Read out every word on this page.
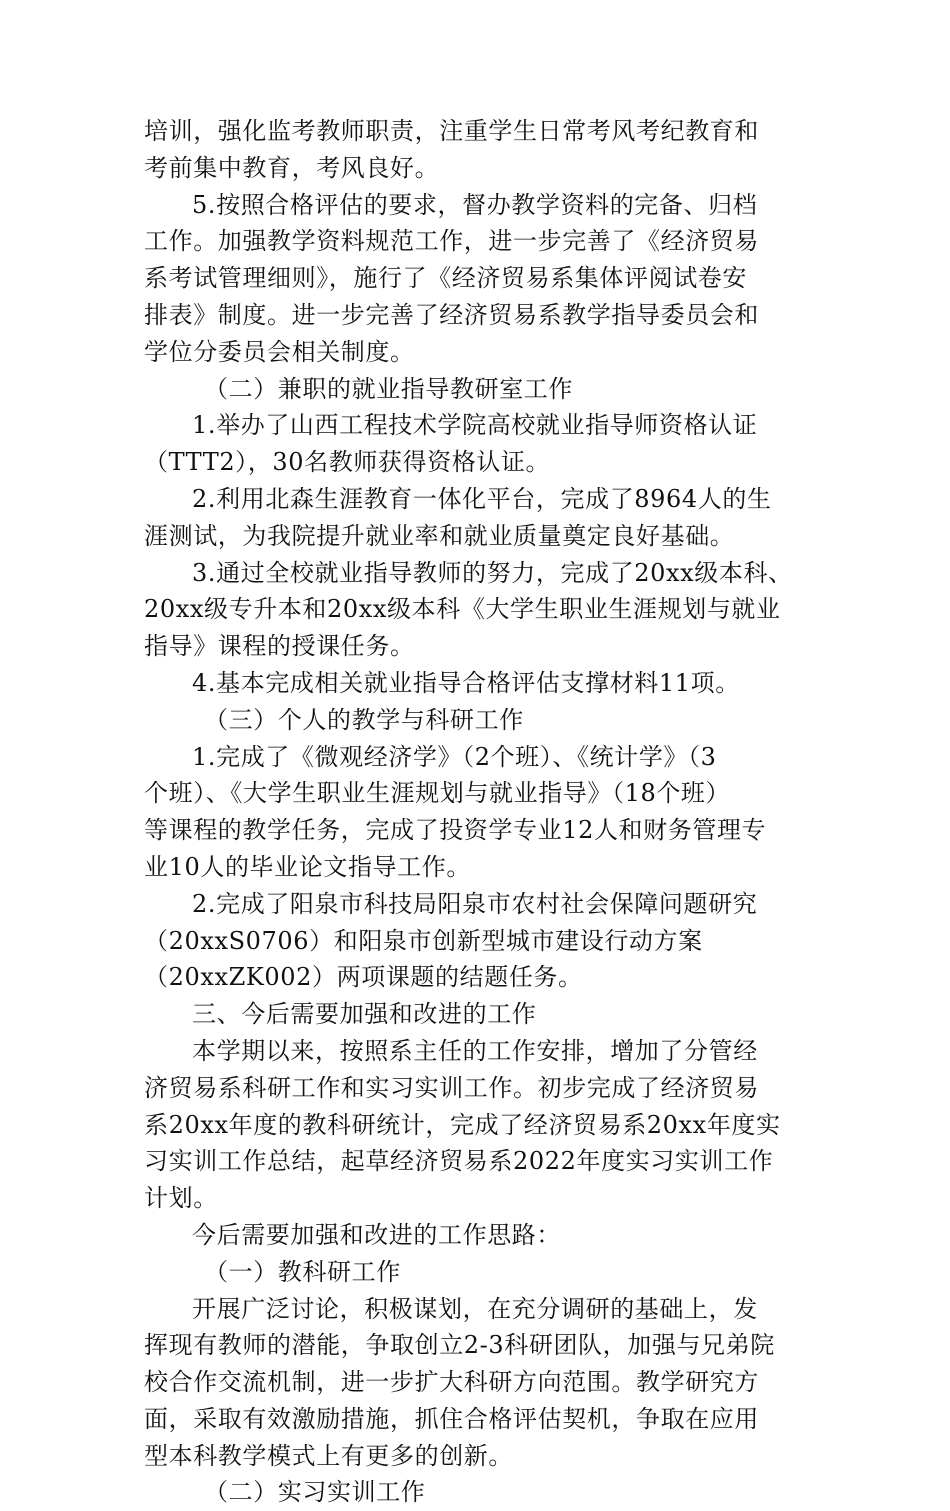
培训，强化监考教师职责，注重学生日常考风考纪教育和
考前集中教育，考风良好。
5.按照合格评估的要求，督办教学资料的完备、归档
工作。加强教学资料规范工作，进一步完善了《经济贸易
系考试管理细则》，施行了《经济贸易系集体评阅试卷安
排表》制度。进一步完善了经济贸易系教学指导委员会和
学位分委员会相关制度。
（二）兼职的就业指导教研室工作
1.举办了山西工程技术学院高校就业指导师资格认证
（TTT2），30名教师获得资格认证。
2.利用北森生涯教育一体化平台，完成了8964人的生
涯测试，为我院提升就业率和就业质量奠定良好基础。
3.通过全校就业指导教师的努力，完成了20xx级本科、
20xx级专升本和20xx级本科《大学生职业生涯规划与就业
指导》课程的授课任务。
4.基本完成相关就业指导合格评估支撑材料11项。
（三）个人的教学与科研工作
1.完成了《微观经济学》（2个班）、《统计学》（3
个班）、《大学生职业生涯规划与就业指导》（18个班）
等课程的教学任务，完成了投资学专业12人和财务管理专
业10人的毕业论文指导工作。
2.完成了阳泉市科技局阳泉市农村社会保障问题研究
（20xxS0706）和阳泉市创新型城市建设行动方案
（20xxZK002）两项课题的结题任务。
三、今后需要加强和改进的工作
本学期以来，按照系主任的工作安排，增加了分管经
济贸易系科研工作和实习实训工作。初步完成了经济贸易
系20xx年度的教科研统计，完成了经济贸易系20xx年度实
习实训工作总结，起草经济贸易系2022年度实习实训工作
计划。
今后需要加强和改进的工作思路：
（一）教科研工作
开展广泛讨论，积极谋划，在充分调研的基础上，发
挥现有教师的潜能，争取创立2-3科研团队，加强与兄弟院
校合作交流机制，进一步扩大科研方向范围。教学研究方
面，采取有效激励措施，抓住合格评估契机，争取在应用
型本科教学模式上有更多的创新。
（二）实习实训工作
